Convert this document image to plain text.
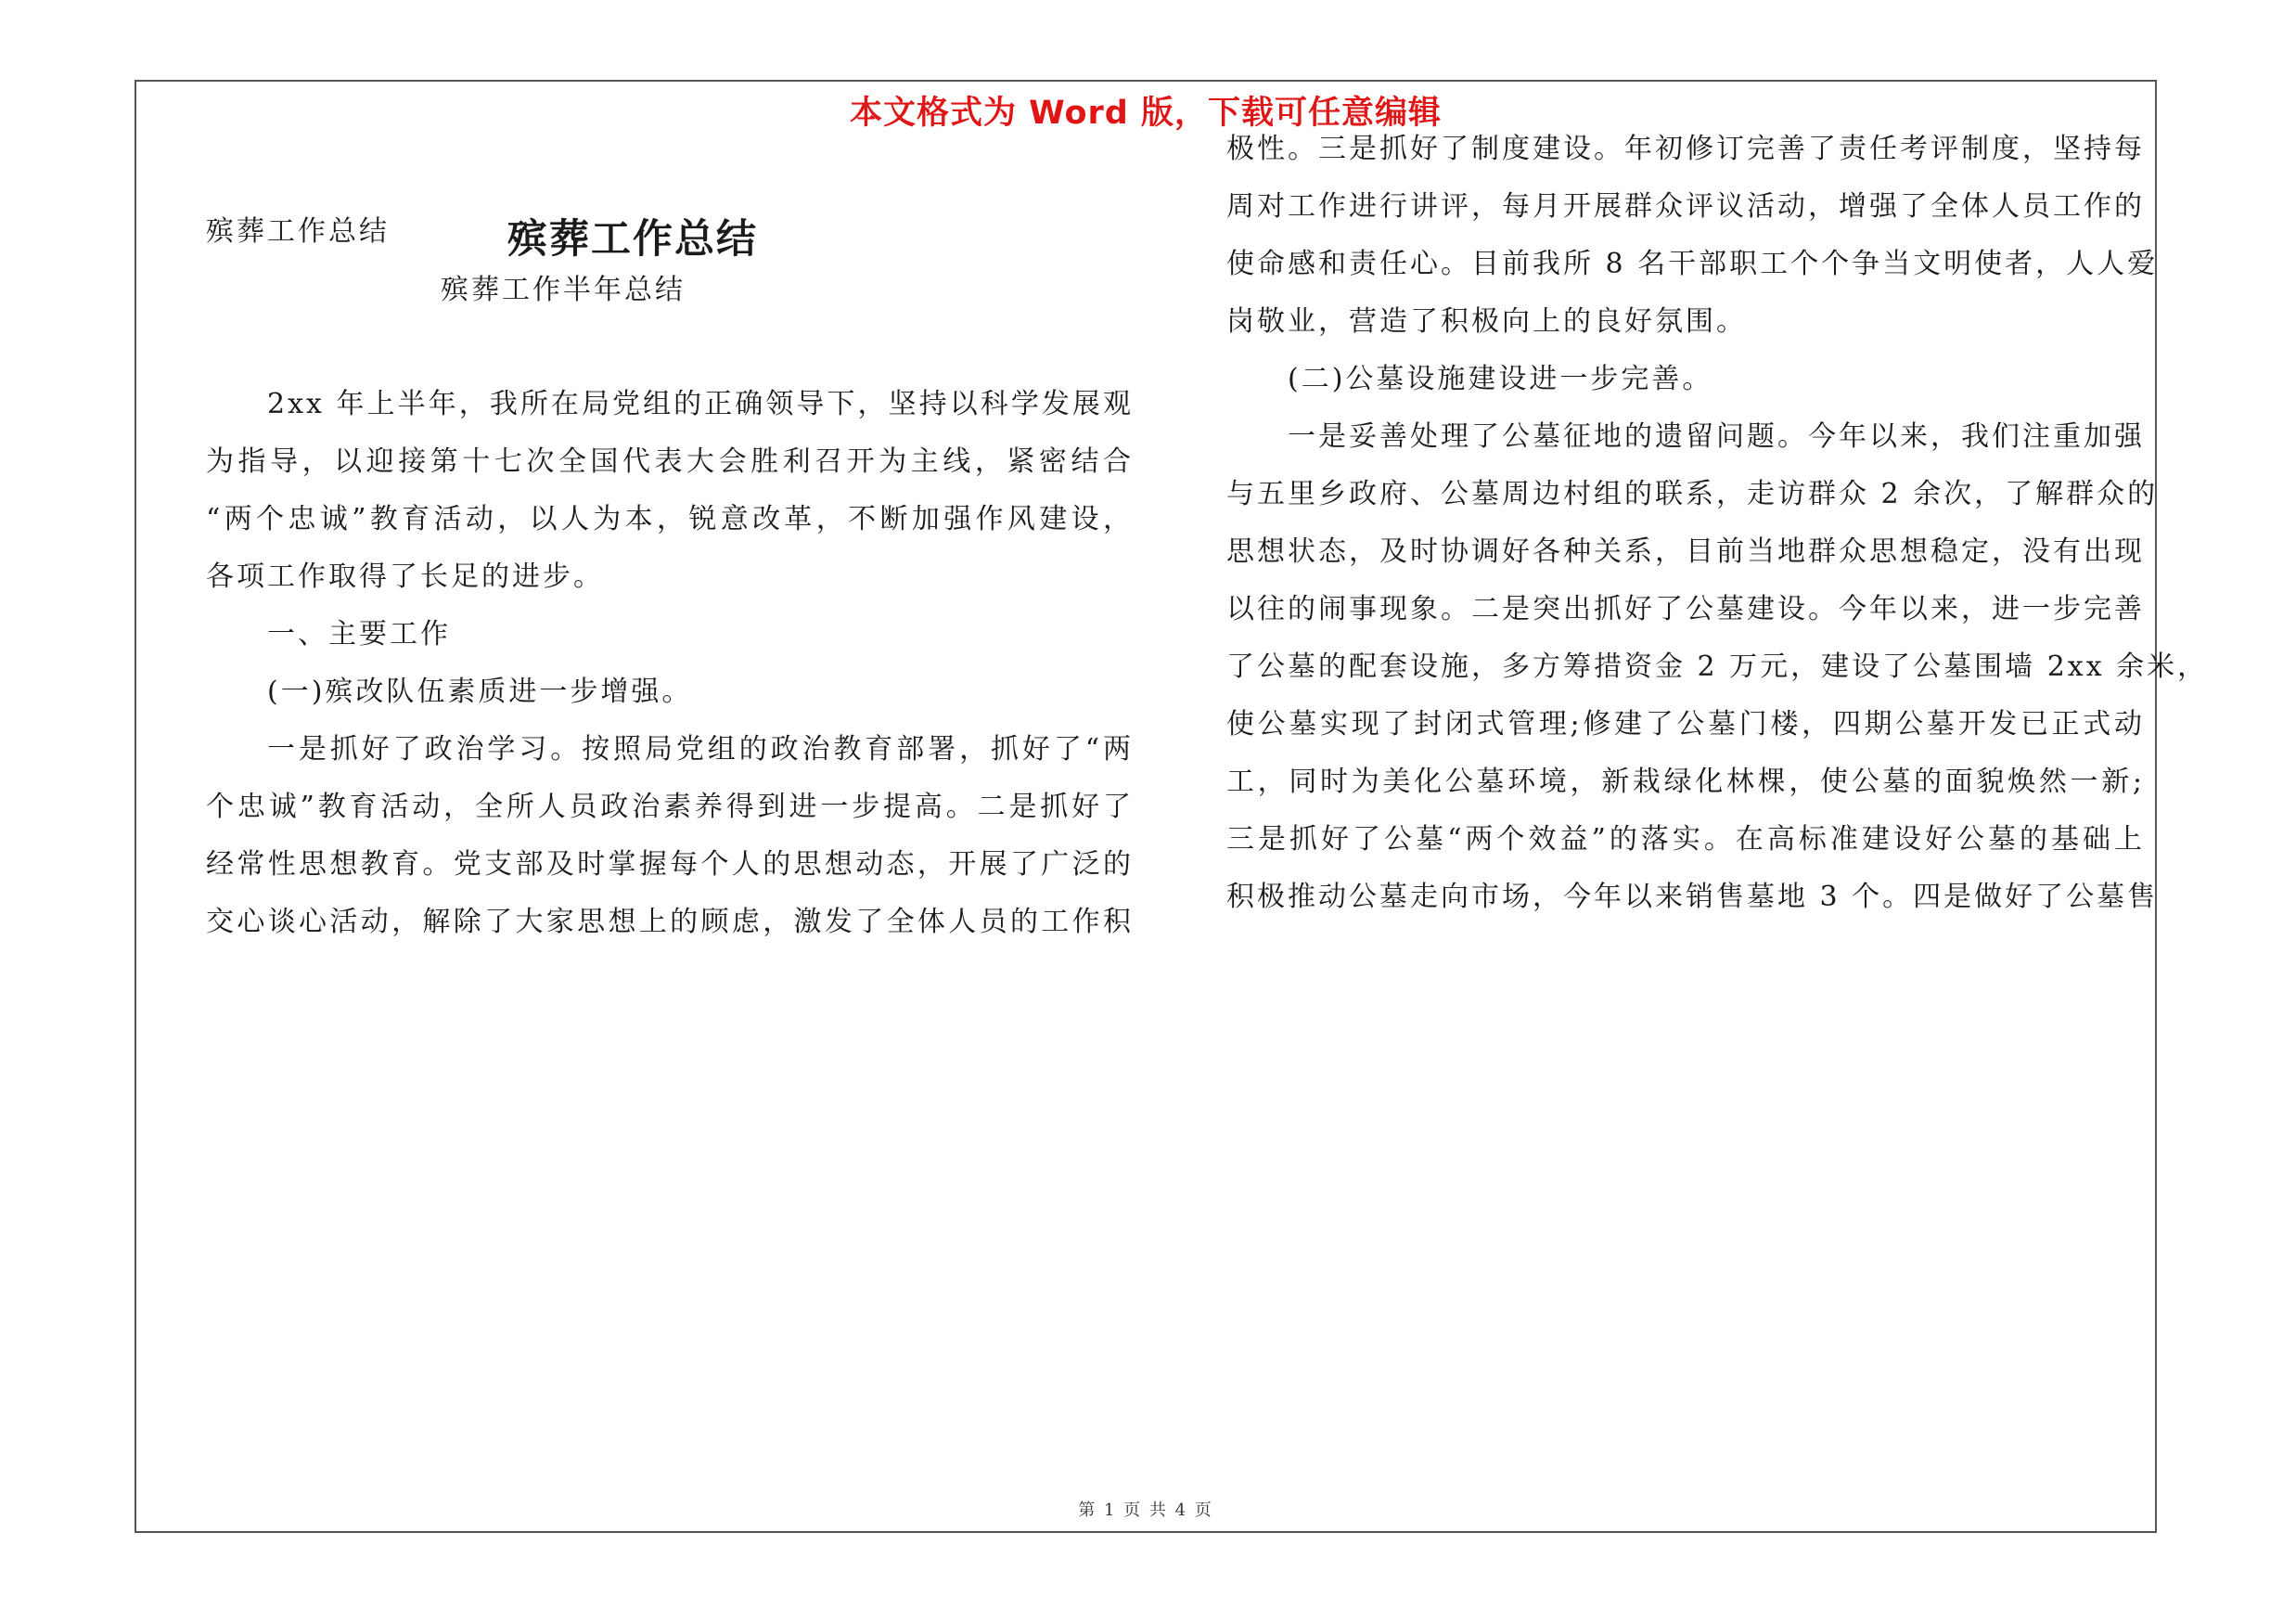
本文格式为 Word 版，下载可任意编辑
殡葬工作总结
殡葬工作总结
殡葬工作半年总结
2xx 年上半年，我所在局党组的正确领导下，坚持以科学发展观
为指导，以迎接第十七次全国代表大会胜利召开为主线，紧密结合
“两个忠诚”教育活动，以人为本，锐意改革，不断加强作风建设，
各项工作取得了长足的进步。
一、主要工作
(一)殡改队伍素质进一步增强。
一是抓好了政治学习。按照局党组的政治教育部署，抓好了“两
个忠诚”教育活动，全所人员政治素养得到进一步提高。二是抓好了
经常性思想教育。党支部及时掌握每个人的思想动态，开展了广泛的
交心谈心活动，解除了大家思想上的顾虑，激发了全体人员的工作积
极性。三是抓好了制度建设。年初修订完善了责任考评制度，坚持每
周对工作进行讲评，每月开展群众评议活动，增强了全体人员工作的
使命感和责任心。目前我所 8 名干部职工个个争当文明使者，人人爱
岗敬业，营造了积极向上的良好氛围。
(二)公墓设施建设进一步完善。
一是妥善处理了公墓征地的遗留问题。今年以来，我们注重加强
与五里乡政府、公墓周边村组的联系，走访群众 2 余次，了解群众的
思想状态，及时协调好各种关系，目前当地群众思想稳定，没有出现
以往的闹事现象。二是突出抓好了公墓建设。今年以来，进一步完善
了公墓的配套设施，多方筹措资金 2 万元，建设了公墓围墙 2xx 余米，
使公墓实现了封闭式管理;修建了公墓门楼，四期公墓开发已正式动
工，同时为美化公墓环境，新栽绿化林棵，使公墓的面貌焕然一新;
三是抓好了公墓“两个效益”的落实。在高标准建设好公墓的基础上
积极推动公墓走向市场，今年以来销售墓地 3 个。四是做好了公墓售
第 1 页 共 4 页
